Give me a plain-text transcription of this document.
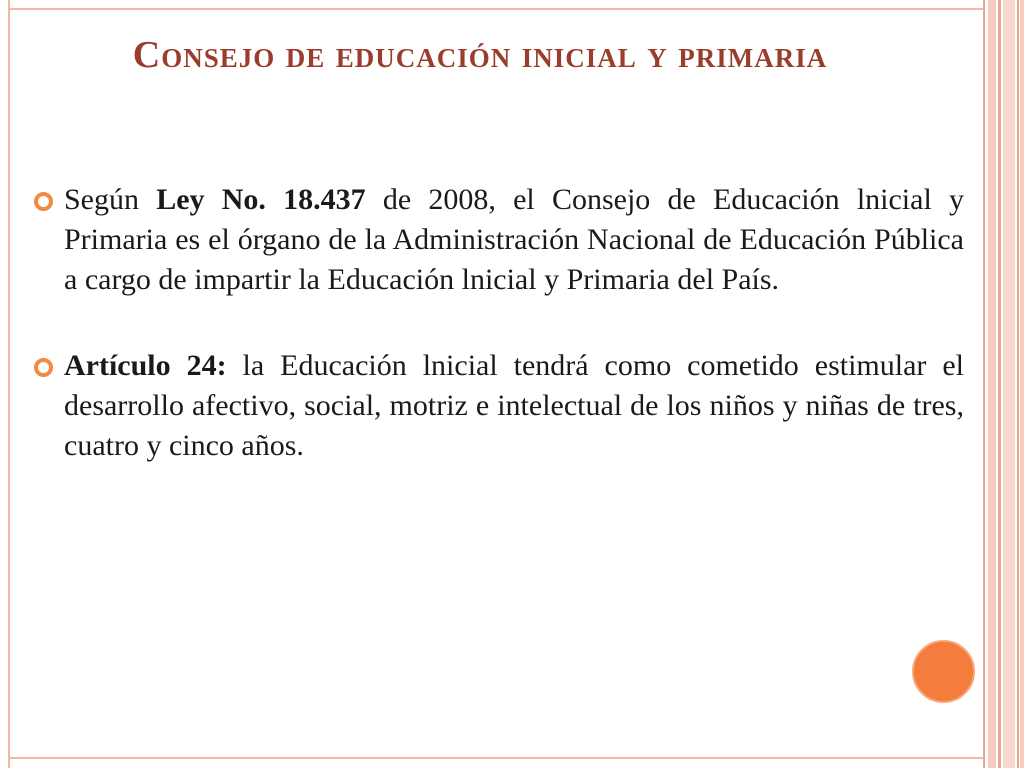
Consejo de educación inicial y primaria
Según Ley No. 18.437 de 2008, el Consejo de Educación lnicial y Primaria es el órgano de la Administración Nacional de Educación Pública a cargo de impartir la Educación lnicial y Primaria del País.
Artículo 24: la Educación lnicial tendrá como cometido estimular el desarrollo afectivo, social, motriz e intelectual de los niños y niñas de tres, cuatro y cinco años.
